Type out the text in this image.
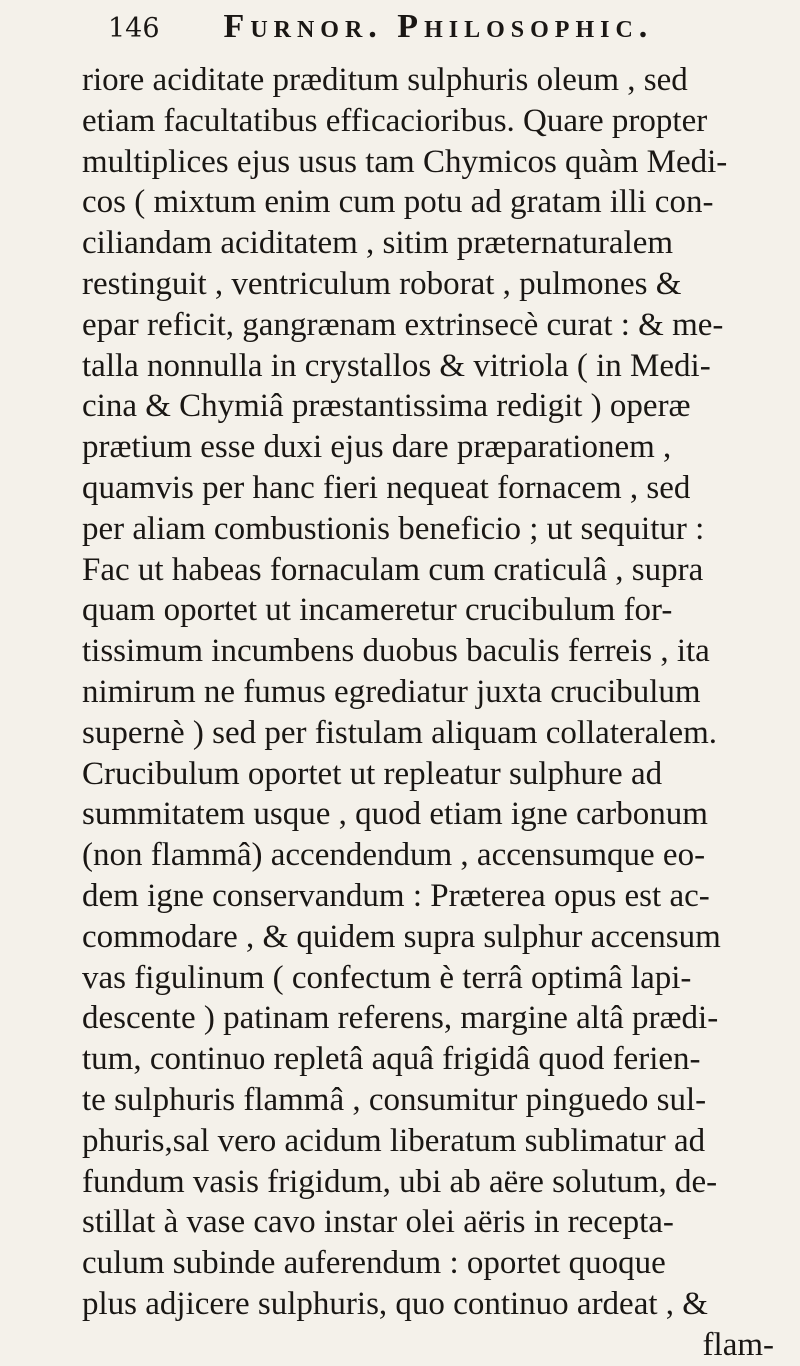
146 Furnor. Philosophic.
riore aciditate præditum sulphuris oleum , sed
etiam facultatibus efficacioribus. Quare propter
multiplices ejus usus tam Chymicos quàm Medi-
cos ( mixtum enim cum potu ad gratam illi con-
ciliandam aciditatem , sitim præternaturalem
restinguit , ventriculum roborat , pulmones &
epar reficit, gangrænam extrinsecè curat : & me-
talla nonnulla in crystallos & vitriola ( in Medi-
cina & Chymiâ præstantissima redigit ) operæ
prætium esse duxi ejus dare præparationem ,
quamvis per hanc fieri nequeat fornacem , sed
per aliam combustionis beneficio ; ut sequitur :
Fac ut habeas fornaculam cum craticulâ , supra
quam oportet ut incameretur crucibulum for-
tissimum incumbens duobus baculis ferreis , ita
nimirum ne fumus egrediatur juxta crucibulum
supernè ) sed per fistulam aliquam collateralem.
Crucibulum oportet ut repleatur sulphure ad
summitatem usque , quod etiam igne carbonum
(non flammâ) accendendum , accensumque eo-
dem igne conservandum : Præterea opus est ac-
commodare , & quidem supra sulphur accensum
vas figulinum ( confectum è terrâ optimâ lapi-
descente ) patinam referens, margine altâ prædi-
tum, continuo repletâ aquâ frigidâ quod ferien-
te sulphuris flammâ , consumitur pinguedo sul-
phuris,sal vero acidum liberatum sublimatur ad
fundum vasis frigidum, ubi ab aëre solutum, de-
stillat à vase cavo instar olei aëris in recepta-
culum subinde auferendum : oportet quoque
plus adjicere sulphuris, quo continuo ardeat , &
flam-
